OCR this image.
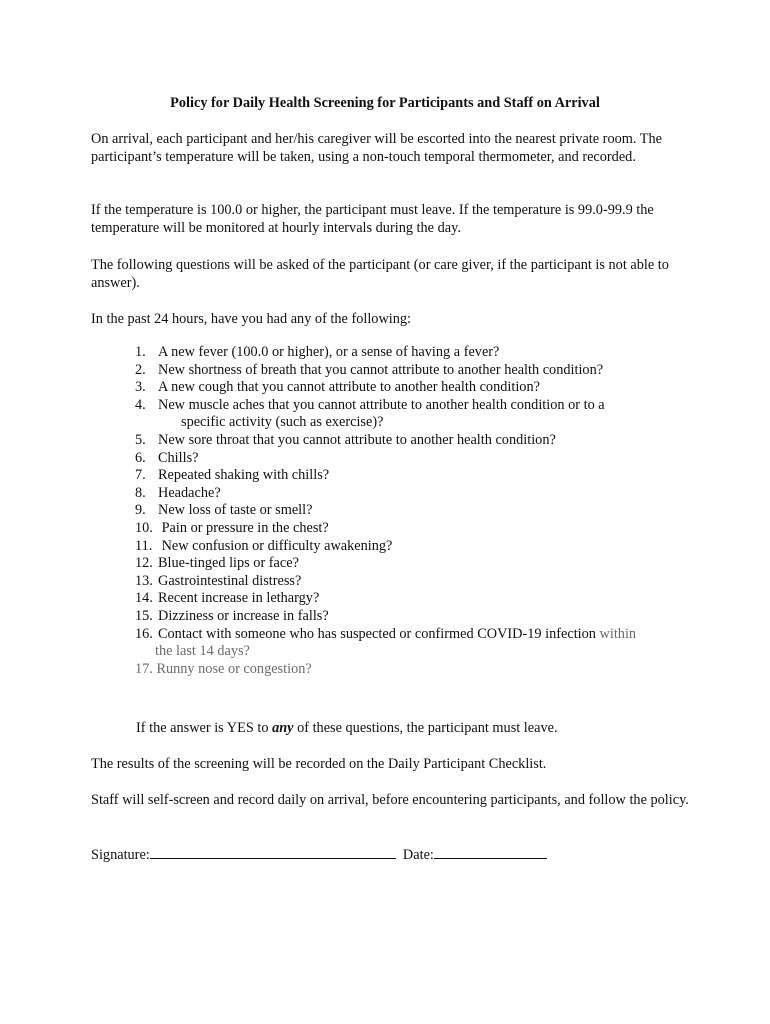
Policy for Daily Health Screening for Participants and Staff on Arrival

On arrival, each participant and her/his caregiver will be escorted into the nearest private room. The participant’s temperature will be taken, using a non-touch temporal thermometer, and recorded.

If the temperature is 100.0 or higher, the participant must leave. If the temperature is 99.0-99.9 the temperature will be monitored at hourly intervals during the day.

The following questions will be asked of the participant (or care giver, if the participant is not able to answer).

In the past 24 hours, have you had any of the following:

1. A new fever (100.0 or higher), or a sense of having a fever?
2. New shortness of breath that you cannot attribute to another health condition?
3. A new cough that you cannot attribute to another health condition?
4. New muscle aches that you cannot attribute to another health condition or to a
specific activity (such as exercise)?
5. New sore throat that you cannot attribute to another health condition?
6. Chills?
7. Repeated shaking with chills?
8. Headache?
9. New loss of taste or smell?
10. Pain or pressure in the chest?
11. New confusion or difficulty awakening?
12. Blue-tinged lips or face?
13. Gastrointestinal distress?
14. Recent increase in lethargy?
15. Dizziness or increase in falls?
16. Contact with someone who has suspected or confirmed COVID-19 infection within
the last 14 days?
17. Runny nose or congestion?

If the answer is YES to any of these questions, the participant must leave.

The results of the screening will be recorded on the Daily Participant Checklist.

Staff will self-screen and record daily on arrival, before encountering participants, and follow the policy.

Signature:	Date:
